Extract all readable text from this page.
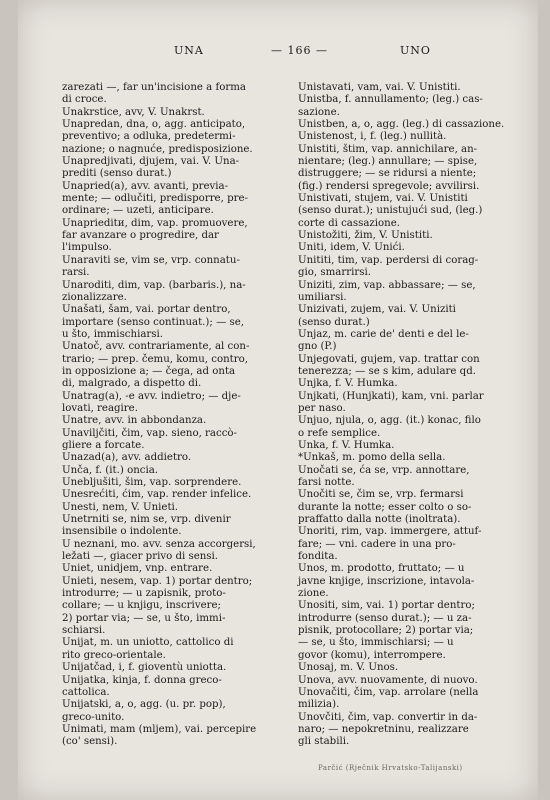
UNA	— 166 —	UNO
zarezati —, far un'incisione a forma
di croce.
Unakrstice, avv, V. Unakrst.
Unapredan, dna, o, agg. anticipato,
preventivo; a odluka, predetermi-
nazione; o nagnuće, predisposizione.
Unapredjivati, djujem, vai. V. Una-
prediti (senso durat.)
Unapried(a), avv. avanti, previa-
mente; — odlučiti, predisporre, pre-
ordinare; — uzeti, anticipare.
Unaprieditи, dim, vap. promuovere,
far avanzare o progredire, dar
l'impulso.
Unaraviti se, vim se, vrp. connatu-
rarsi.
Unaroditi, dim, vap. (barbaris.), na-
zionalizzare.
Unašati, šam, vai. portar dentro,
importare (senso continuat.); — se,
u što, immischiarsi.
Unatoč, avv. contrariamente, al con-
trario; — prep. čemu, komu, contro,
in opposizione a; — čega, ad onta
di, malgrado, a dispetto di.
Unatrag(a), -e avv. indietro; — dje-
lovati, reagire.
Unatre, avv. in abbondanza.
Unavilјčiti, čim, vap. sieno, raccò-
gliere a forcate.
Unazad(a), avv. addietro.
Unča, f. (it.) oncia.
Unebljušiti, šim, vap. sorprendere.
Unesrećiti, ćim, vap. render infelice.
Unesti, nem, V. Unieti.
Unetrniti se, nim se, vrp. divenir
insensibile o indolente.
U neznani, mo. avv. senza accorgersi,
ležati —, giacer privo di sensi.
Uniet, unidjem, vnp. entrare.
Unieti, nesem, vap. 1) portar dentro;
introdurre; — u zapisnik, proto-
collare; — u knjigu, inscrivere;
2) portar via; — se, u što, immi-
schiarsi.
Unijat, m. un uniotto, cattolico di
rito greco-orientale.
Unijatčad, i, f. gioventù uniotta.
Unijatka, kinja, f. donna greco-
cattolica.
Unijatski, a, o, agg. (u. pr. pop),
greco-unito.
Unimati, mam (mljem), vai. percepire
(co' sensi).
Unistavati, vam, vai. V. Unistiti.
Unistba, f. annullamento; (leg.) cas-
sazione.
Unistben, a, o, agg. (leg.) di cassazione.
Unistenost, i, f. (leg.) nullità.
Unistiti, štim, vap. annichilare, an-
nientare; (leg.) annullare; — spise,
distruggere; — se ridursi a niente;
(fig.) rendersi spregevole; avvilirsi.
Unistivati, stujem, vai. V. Unistiti
(senso durat.); unistujući sud, (leg.)
corte di cassazione.
Unistožiti, žim, V. Unistiti.
Uniti, idem, V. Unići.
Unititi, tim, vap. perdersi di corag-
gio, smarrirsi.
Uniziti, zim, vap. abbassare; — se,
umiliarsi.
Unizivati, zujem, vai. V. Uniziti
(senso durat.)
Unjaz, m. carie de' denti e del le-
gno (P.)
Unjegovati, gujem, vap. trattar con
tenerezza; — se s kim, adulare qd.
Unjka, f. V. Humka.
Unjkati, (Hunjkati), kam, vni. parlar
per naso.
Unjuo, njula, o, agg. (it.) konac, filo
o refe semplice.
Unka, f. V. Humka.
*Unkaš, m. pomo della sella.
Unočati se, ća se, vrp. annottare,
farsi notte.
Unočiti se, čim se, vrp. fermarsi
durante la notte; esser colto o so-
praffatto dalla notte (inoltrata).
Unoriti, rim, vap. immergere, attuf-
fare; — vni. cadere in una pro-
fondita.
Unos, m. prodotto, fruttato; — u
javne knjige, inscrizione, intavola-
zione.
Unositi, sim, vai. 1) portar dentro;
introdurre (senso durat.); — u za-
pisnik, protocollare; 2) portar via;
— se, u što, immischiarsi; — u
govor (komu), interrompere.
Unosaj, m. V. Unos.
Unova, avv. nuovamente, di nuovo.
Unovačiti, čim, vap. arrolare (nella
milizia).
Unovčiti, čim, vap. convertir in da-
naro; — nepokretninu, realizzare
gli stabili.
Parčić (Rječnik Hrvatsko-Talijanski)
